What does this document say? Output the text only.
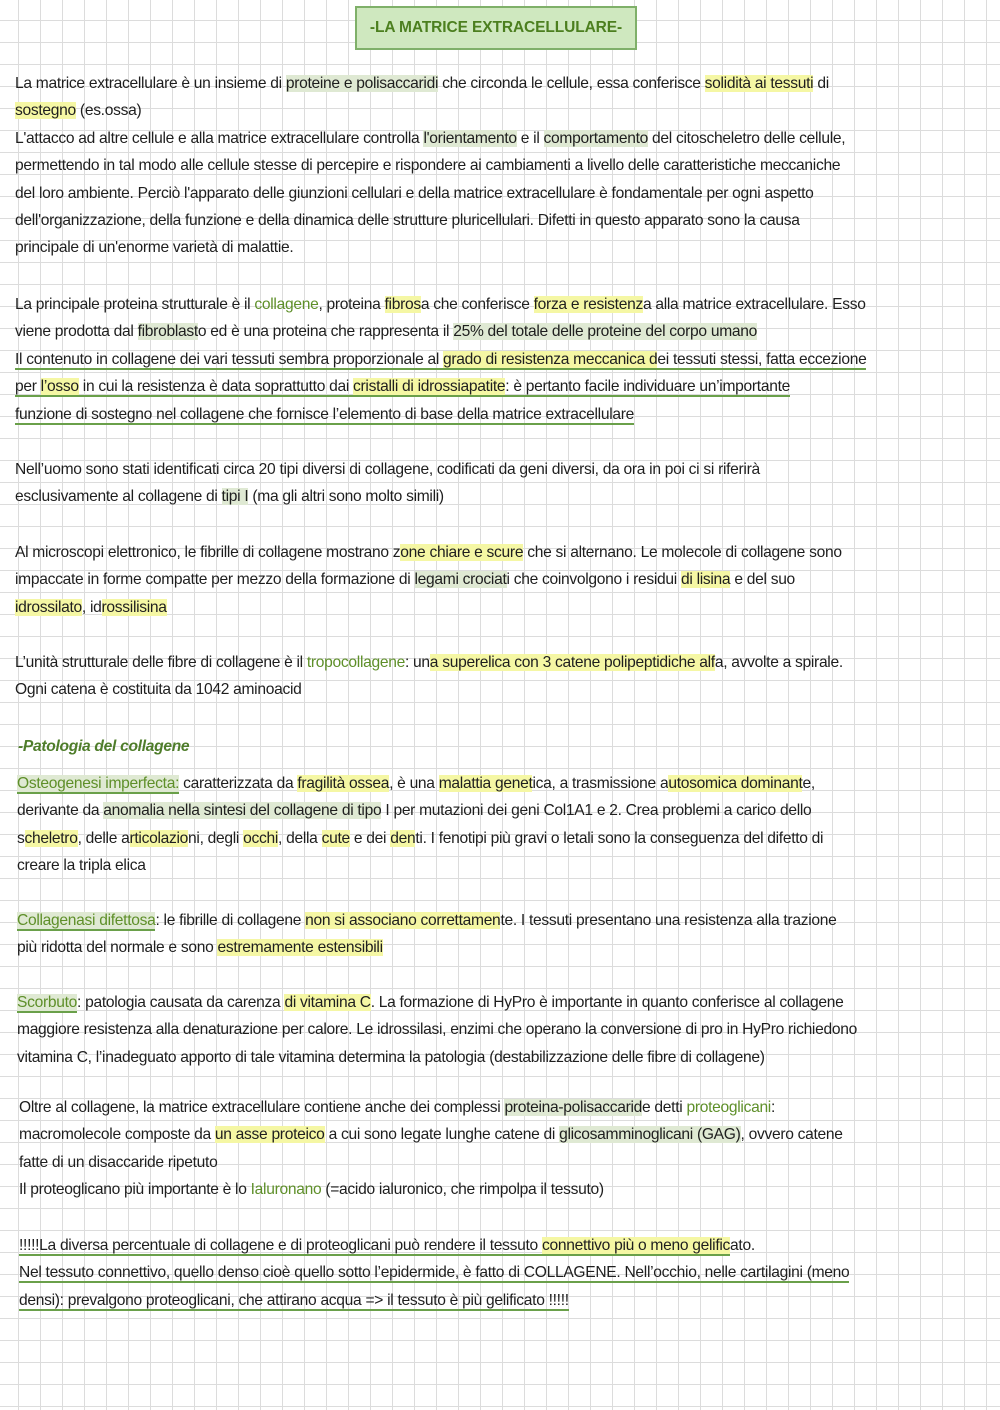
-LA MATRICE EXTRACELLULARE-
La matrice extracellulare è un insieme di proteine e polisaccaridi che circonda le cellule, essa conferisce solidità ai tessuti di
sostegno (es.ossa)
L'attacco ad altre cellule e alla matrice extracellulare controlla l'orientamento e il comportamento del citoscheletro delle cellule,
permettendo in tal modo alle cellule stesse di percepire e rispondere ai cambiamenti a livello delle caratteristiche meccaniche
del loro ambiente. Perciò l'apparato delle giunzioni cellulari e della matrice extracellulare è fondamentale per ogni aspetto
dell'organizzazione, della funzione e della dinamica delle strutture pluricellulari. Difetti in questo apparato sono la causa
principale di un'enorme varietà di malattie.
La principale proteina strutturale è il collagene, proteina fibrosa che conferisce forza e resistenza alla matrice extracellulare. Esso
viene prodotta dal fibroblasto ed è una proteina che rappresenta il 25% del totale delle proteine del corpo umano
Il contenuto in collagene dei vari tessuti sembra proporzionale al grado di resistenza meccanica dei tessuti stessi, fatta eccezione
per l’osso in cui la resistenza è data soprattutto dai cristalli di idrossiapatite: è pertanto facile individuare un’importante
funzione di sostegno nel collagene che fornisce l’elemento di base della matrice extracellulare
Nell’uomo sono stati identificati circa 20 tipi diversi di collagene, codificati da geni diversi, da ora in poi ci si riferirà
esclusivamente al collagene di tipi I (ma gli altri sono molto simili)
Al microscopi elettronico, le fibrille di collagene mostrano zone chiare e scure che si alternano. Le molecole di collagene sono
impaccate in forme compatte per mezzo della formazione di legami crociati che coinvolgono i residui di lisina e del suo
idrossilato, idrossilisina
L’unità strutturale delle fibre di collagene è il tropocollagene: una superelica con 3 catene polipeptidiche alfa, avvolte a spirale.
Ogni catena è costituita da 1042 aminoacid
-Patologia del collagene
Osteogenesi imperfecta: caratterizzata da fragilità ossea, è una malattia genetica, a trasmissione autosomica dominante,
derivante da anomalia nella sintesi del collagene di tipo I per mutazioni dei geni Col1A1 e 2. Crea problemi a carico dello
scheletro, delle articolazioni, degli occhi, della cute e dei denti. I fenotipi più gravi o letali sono la conseguenza del difetto di
creare la tripla elica
Collagenasi difettosa: le fibrille di collagene non si associano correttamente. I tessuti presentano una resistenza alla trazione
più ridotta del normale e sono estremamente estensibili
Scorbuto: patologia causata da carenza di vitamina C. La formazione di HyPro è importante in quanto conferisce al collagene
maggiore resistenza alla denaturazione per calore. Le idrossilasi, enzimi che operano la conversione di pro in HyPro richiedono
vitamina C, l’inadeguato apporto di tale vitamina determina la patologia (destabilizzazione delle fibre di collagene)
Oltre al collagene, la matrice extracellulare contiene anche dei complessi proteina-polisaccaride detti proteoglicani:
macromolecole composte da un asse proteico a cui sono legate lunghe catene di glicosamminoglicani (GAG), ovvero catene
fatte di un disaccaride ripetuto
Il proteoglicano più importante è lo Ialuronano (=acido ialuronico, che rimpolpa il tessuto)
!!!!!La diversa percentuale di collagene e di proteoglicani può rendere il tessuto connettivo più o meno gelificato.
Nel tessuto connettivo, quello denso cioè quello sotto l’epidermide, è fatto di COLLAGENE. Nell’occhio, nelle cartilagini (meno
densi): prevalgono proteoglicani, che attirano acqua => il tessuto è più gelificato !!!!!
